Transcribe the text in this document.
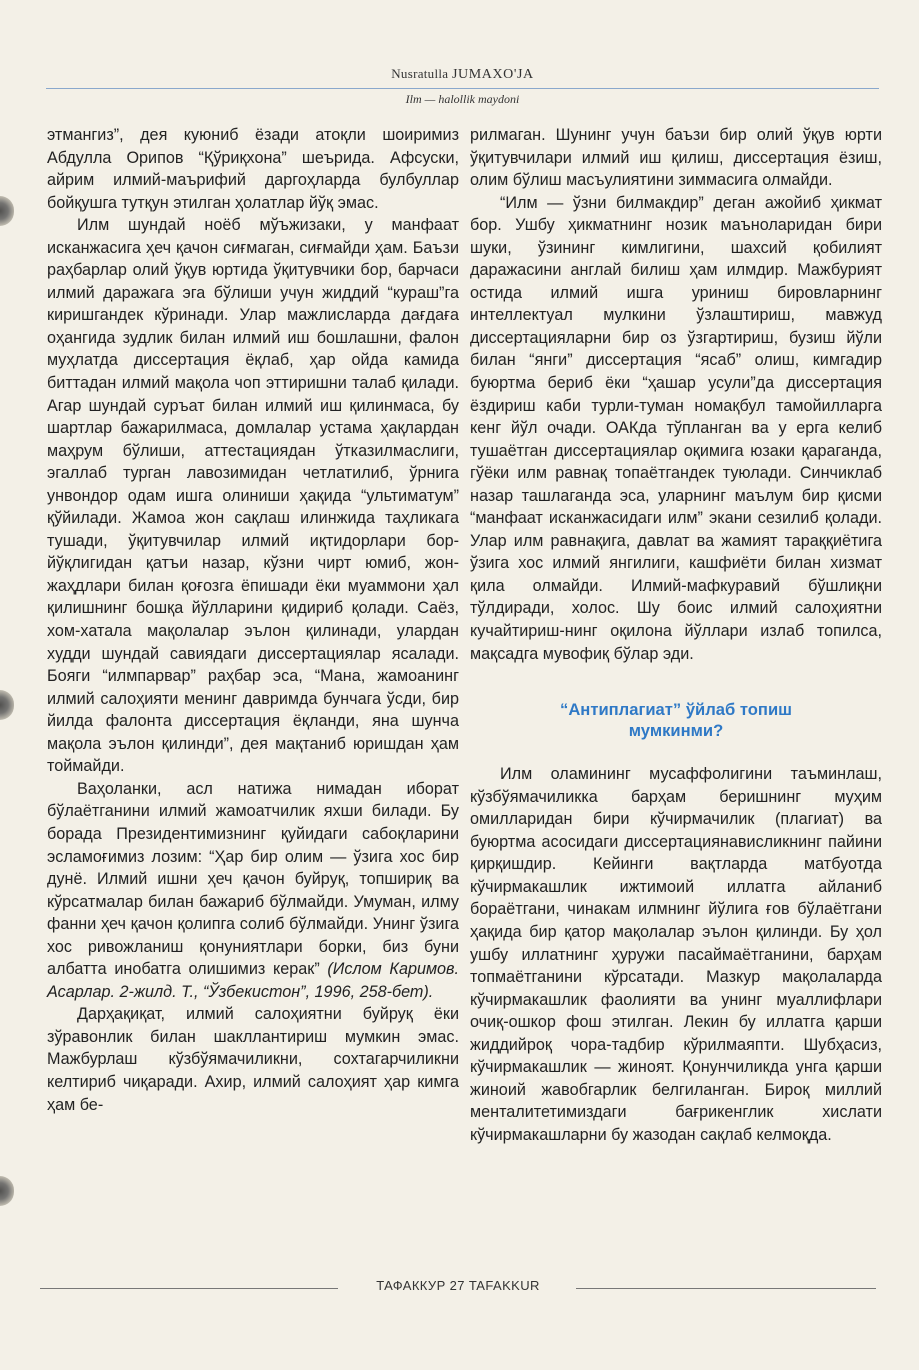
Nusratulla JUMAXO'JA
Ilm — halollik maydoni

этмангиз”, дея куюниб ёзади атоқли шоиримиз Абдулла Орипов “Қўриқхона” шеърида. Афсуски, айрим илмий-маърифий даргоҳларда булбуллар бойқушга тутқун этилган ҳолатлар йўқ эмас.

Илм шундай ноёб мўъжизаки, у манфаат исканжасига ҳеч қачон сиғмаган, сиғмайди ҳам. Баъзи раҳбарлар олий ўқув юртида ўқитувчики бор, барчаси илмий даражага эга бўлиши учун жиддий “кураш”га киришгандек кўринади. Улар мажлисларда дағдаға оҳангида зудлик билан илмий иш бошлашни, фалон муҳлатда диссертация ёқлаб, ҳар ойда камида биттадан илмий мақола чоп эттиришни талаб қилади. Агар шундай суръат билан илмий иш қилинмаса, бу шартлар бажарилмаса, домлалар устама ҳақлардан маҳрум бўлиши, аттестациядан ўтказилмаслиги, эгаллаб турган лавозимидан четлатилиб, ўрнига унвондор одам ишга олиниши ҳақида “ультиматум” қўйилади. Жамоа жон сақлаш илинжида таҳликага тушади, ўқитувчилар илмий иқтидорлари бор-йўқлигидан қатъи назар, кўзни чирт юмиб, жон-жаҳдлари билан қоғозга ёпишади ёки муаммони ҳал қилишнинг бошқа йўлларини қидириб қолади. Саёз, хом-хатала мақолалар эълон қилинади, улардан худди шундай савиядаги диссертациялар ясалади. Бояги “илмпарвар” раҳбар эса, “Мана, жамоанинг илмий салоҳияти менинг давримда бунчага ўсди, бир йилда фалонта диссертация ёқланди, яна шунча мақола эълон қилинди”, дея мақтаниб юришдан ҳам тоймайди.

Ваҳоланки, асл натижа нимадан иборат бўлаётганини илмий жамоатчилик яхши билади. Бу борада Президентимизнинг қуйидаги сабоқларини эсламоғимиз лозим: “Ҳар бир олим — ўзига хос бир дунё. Илмий ишни ҳеч қачон буйруқ, топшириқ ва кўрсатмалар билан бажариб бўлмайди. Умуман, илму фанни ҳеч қачон қолипга солиб бўлмайди. Унинг ўзига хос ривожланиш қонуниятлари борки, биз буни албатта инобатга олишимиз керак” (Ислом Каримов. Асарлар. 2-жилд. Т., “Ўзбекистон”, 1996, 258-бет).

Дарҳақиқат, илмий салоҳиятни буйруқ ёки зўравонлик билан шакллантириш мумкин эмас. Мажбурлаш кўзбўямачиликни, сохтагарчиликни келтириб чиқаради. Ахир, илмий салоҳият ҳар кимга ҳам бе-

рилмаган. Шунинг учун баъзи бир олий ўқув юрти ўқитувчилари илмий иш қилиш, диссертация ёзиш, олим бўлиш масъулиятини зиммасига олмайди.

“Илм — ўзни билмакдир” деган ажойиб ҳикмат бор. Ушбу ҳикматнинг нозик маъноларидан бири шуки, ўзининг кимлигини, шахсий қобилият даражасини англай билиш ҳам илмдир. Мажбурият остида илмий ишга уриниш бировларнинг интеллектуал мулкини ўзлаштириш, мавжуд диссертацияларни бир оз ўзгартириш, бузиш йўли билан “янги” диссертация “ясаб” олиш, кимгадир буюртма бериб ёки “ҳашар усули”да диссертация ёздириш каби турли-туман номақбул тамойилларга кенг йўл очади. ОАКда тўпланган ва у ерга келиб тушаётган диссертациялар оқимига юзаки қараганда, гўёки илм равнақ топаётгандек туюлади. Синчиклаб назар ташлаганда эса, уларнинг маълум бир қисми “манфаат исканжасидаги илм” экани сезилиб қолади. Улар илм равнақига, давлат ва жамият тараққиётига ўзига хос илмий янгилиги, кашфиёти билан хизмат қила олмайди. Илмий-мафкуравий бўшлиқни тўлдиради, холос. Шу боис илмий салоҳиятни кучайтириш-нинг оқилона йўллари излаб топилса, мақсадга мувофиқ бўлар эди.

“Антиплагиат” ўйлаб топиш
мумкинми?

Илм оламининг мусаффолигини таъминлаш, кўзбўямачиликка барҳам беришнинг муҳим омилларидан бири кўчирмачилик (плагиат) ва буюртма асосидаги диссертациянависликнинг пайини қирқишдир. Кейинги вақтларда матбуотда кўчирмакашлик ижтимоий иллатга айланиб бораётгани, чинакам илмнинг йўлига ғов бўлаётгани ҳақида бир қатор мақолалар эълон қилинди. Бу ҳол ушбу иллатнинг ҳуружи пасаймаётганини, барҳам топмаётганини кўрсатади. Мазкур мақолаларда кўчирмакашлик фаолияти ва унинг муаллифлари очиқ-ошкор фош этилган. Лекин бу иллатга қарши жиддийроқ чора-тадбир кўрилмаяпти. Шубҳасиз, кўчирмакашлик — жиноят. Қонунчиликда унга қарши жиноий жавобгарлик белгиланган. Бироқ миллий менталитетимиздаги бағрикенглик хислати кўчирмакашларни бу жазодан сақлаб келмоқда.

ТАФАККУР 27 TAFAKKUR
